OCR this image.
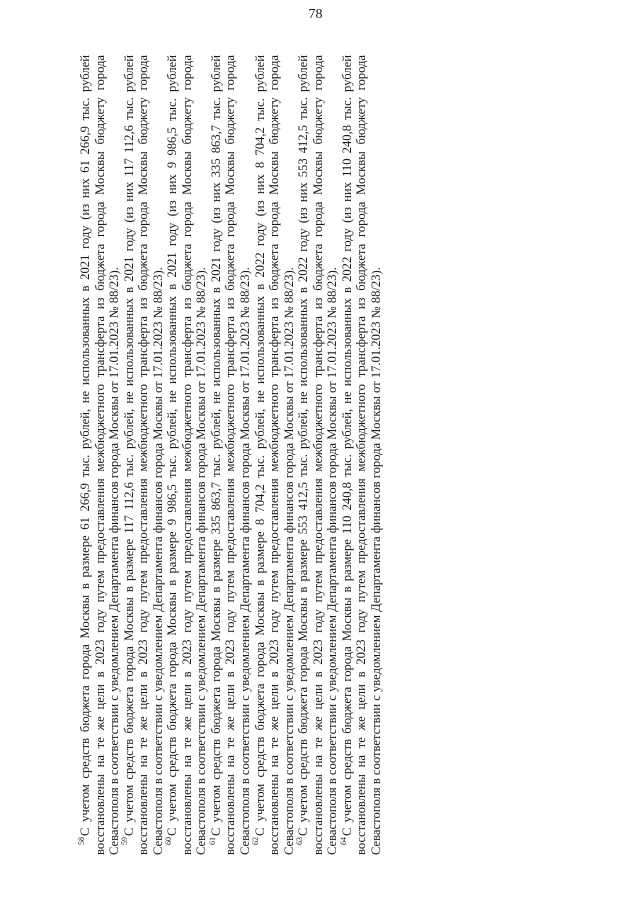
78

$^{58}$С учетом средств бюджета города Москвы в размере 61 266,9 тыс. рублей, не использованных в 2021 году (из них 61 266,9 тыс. рублей восстановлены на те же цели в 2023 году путем предоставления межбюджетного трансферта из бюджета города Москвы бюджету города Севастополя в соответствии с уведомлением Департамента финансов города Москвы от 17.01.2023 № 88/23). $^{59}$С учетом средств бюджета города Москвы в размере 117 112,6 тыс. рублей, не использованных в 2021 году (из них 117 112,6 тыс. рублей восстановлены на те же цели в 2023 году путем предоставления межбюджетного трансферта из бюджета города Москвы бюджету города Севастополя в соответствии с уведомлением Департамента финансов города Москвы от 17.01.2023 № 88/23). $^{60}$С учетом средств бюджета города Москвы в размере 9 986,5 тыс. рублей, не использованных в 2021 году (из них 9 986,5 тыс. рублей восстановлены на те же цели в 2023 году путем предоставления межбюджетного трансферта из бюджета города Москвы бюджету города Севастополя в соответствии с уведомлением Департамента финансов города Москвы от 17.01.2023 № 88/23). $^{61}$С учетом средств бюджета города Москвы в размере 335 863,7 тыс. рублей, не использованных в 2021 году (из них 335 863,7 тыс. рублей восстановлены на те же цели в 2023 году путем предоставления межбюджетного трансферта из бюджета города Москвы бюджету города Севастополя в соответствии с уведомлением Департамента финансов города Москвы от 17.01.2023 № 88/23). $^{62}$С учетом средств бюджета города Москвы в размере 8 704,2 тыс. рублей, не использованных в 2022 году (из них 8 704,2 тыс. рублей восстановлены на те же цели в 2023 году путем предоставления межбюджетного трансферта из бюджета города Москвы бюджету города Севастополя в соответствии с уведомлением Департамента финансов города Москвы от 17.01.2023 № 88/23). $^{63}$С учетом средств бюджета города Москвы в размере 553 412,5 тыс. рублей, не использованных в 2022 году (из них 553 412,5 тыс. рублей восстановлены на те же цели в 2023 году путем предоставления межбюджетного трансферта из бюджета города Москвы бюджету города Севастополя в соответствии с уведомлением Департамента финансов города Москвы от 17.01.2023 № 88/23). $^{64}$С учетом средств бюджета города Москвы в размере 110 240,8 тыс. рублей, не использованных в 2022 году (из них 110 240,8 тыс. рублей восстановлены на те же цели в 2023 году путем предоставления межбюджетного трансферта из бюджета города Москвы бюджету города Севастополя в соответствии с уведомлением Департамента финансов города Москвы от 17.01.2023 № 88/23).
